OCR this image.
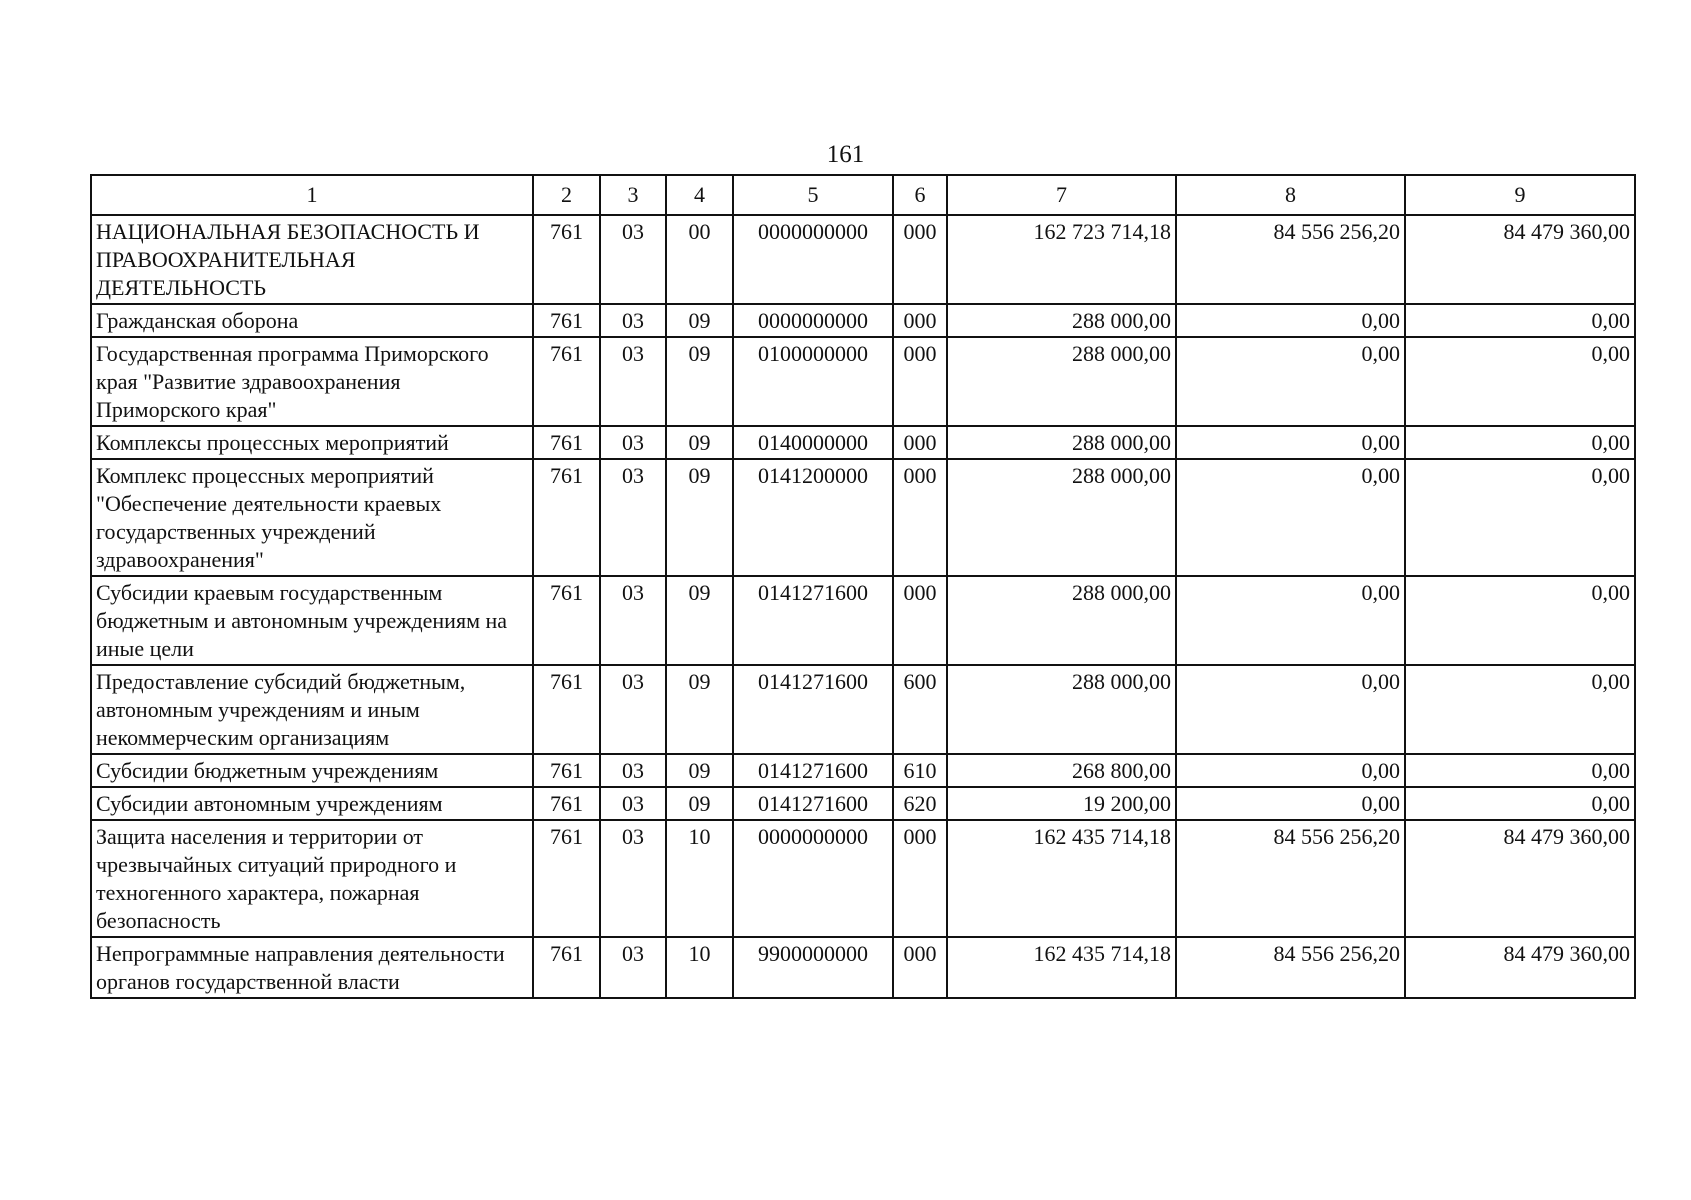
161
1	2	3	4	5	6	7	8	9
НАЦИОНАЛЬНАЯ БЕЗОПАСНОСТЬ И ПРАВООХРАНИТЕЛЬНАЯ ДЕЯТЕЛЬНОСТЬ	761	03	00	0000000000	000	162 723 714,18	84 556 256,20	84 479 360,00
Гражданская оборона	761	03	09	0000000000	000	288 000,00	0,00	0,00
Государственная программа Приморского края "Развитие здравоохранения Приморского края"	761	03	09	0100000000	000	288 000,00	0,00	0,00
Комплексы процессных мероприятий	761	03	09	0140000000	000	288 000,00	0,00	0,00
Комплекс процессных мероприятий "Обеспечение деятельности краевых государственных учреждений здравоохранения"	761	03	09	0141200000	000	288 000,00	0,00	0,00
Субсидии краевым государственным бюджетным и автономным учреждениям на иные цели	761	03	09	0141271600	000	288 000,00	0,00	0,00
Предоставление субсидий бюджетным, автономным учреждениям и иным некоммерческим организациям	761	03	09	0141271600	600	288 000,00	0,00	0,00
Субсидии бюджетным учреждениям	761	03	09	0141271600	610	268 800,00	0,00	0,00
Субсидии автономным учреждениям	761	03	09	0141271600	620	19 200,00	0,00	0,00
Защита населения и территории от чрезвычайных ситуаций природного и техногенного характера, пожарная безопасность	761	03	10	0000000000	000	162 435 714,18	84 556 256,20	84 479 360,00
Непрограммные направления деятельности органов государственной власти	761	03	10	9900000000	000	162 435 714,18	84 556 256,20	84 479 360,00
